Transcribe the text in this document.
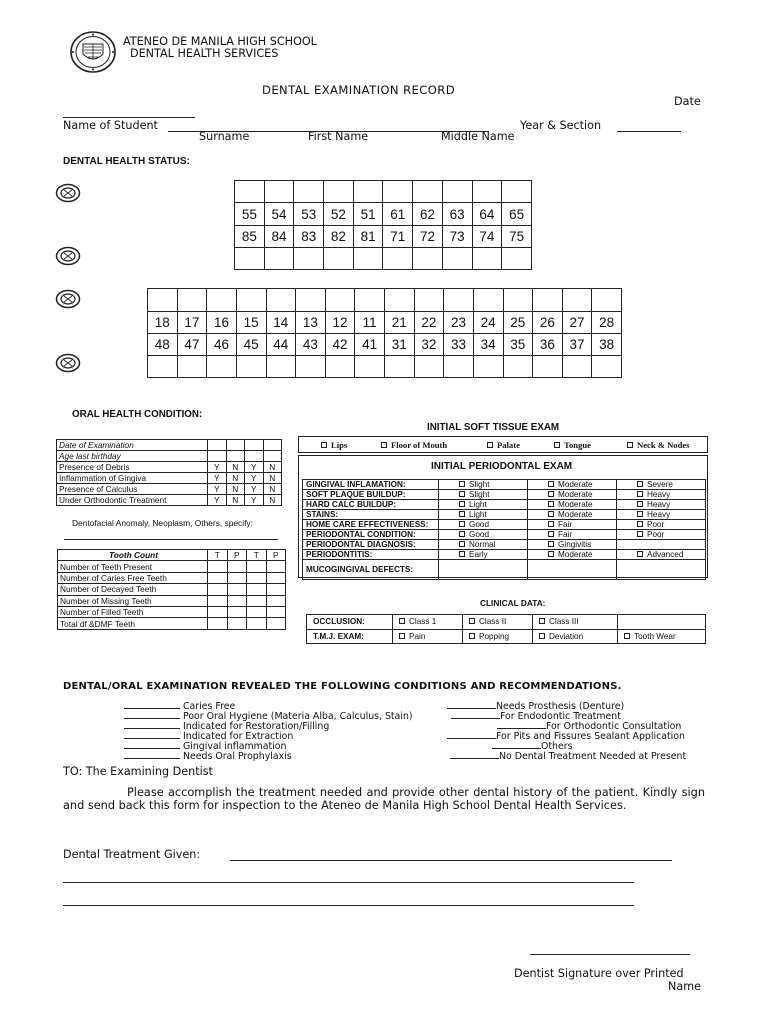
ATENEO DE MANILA HIGH SCHOOL
DENTAL HEALTH SERVICES
DENTAL EXAMINATION RECORD
Date
Name of Student	Year & Section
Surname	First Name	Middle Name
DENTAL HEALTH STATUS:

55	54	53	52	51	61	62	63	64	65
85	84	83	82	81	71	72	73	74	75

18	17	16	15	14	13	12	11	21	22	23	24	25	26	27	28
48	47	46	45	44	43	42	41	31	32	33	34	35	36	37	38

ORAL HEALTH CONDITION:
Date of Examination				
Age last birthday				
Presence of Debris	Y	N	Y	N
Inflammation of Gingiva	Y	N	Y	N
Presence of Calculus	Y	N	Y	N
Under Orthodontic Treatment	Y	N	Y	N
Dentofacial Anomaly, Neoplasm, Others, specify:
Tooth Count	T	P	T	P
Number of Teeth Present				
Number of Caries Free Teeth				
Number of Decayed Teeth				
Number of Missing Teeth				
Number of Filled Teeth				
Total df &DMF Teeth				
INITIAL SOFT TISSUE EXAM
Lips	Floor of Mouth	Palate	Tongue	Neck & Nodes
INITIAL PERIODONTAL EXAM
GINGIVAL INFLAMATION:	Slight	Moderate	Severe
SOFT PLAQUE BUILDUP:	Slight	Moderate	Heavy
HARD CALC BUILDUP:	Light	Moderate	Heavy
STAINS:	Light	Moderate	Heavy
HOME CARE EFFECTIVENESS:	Good	Fair	Poor
PERIODONTAL CONDITION:	Good	Fair	Poor
PERIODONTAL DIAGNOSIS:	Normal	Gingivitis	
PERIODONTITIS:	Early	Moderate	Advanced
MUCOGINGIVAL DEFECTS:			
CLINICAL DATA:
OCCLUSION:	Class 1	Class II	Class III	
T.M.J. EXAM:	Pain	Popping	Deviation	Tooth Wear
DENTAL/ORAL EXAMINATION REVEALED THE FOLLOWING CONDITIONS AND RECOMMENDATIONS.
Caries Free
Poor Oral Hygiene (Materia Alba, Calculus, Stain)
Indicated for Restoration/Filling
Indicated for Extraction
Gingival inflammation
Needs Oral Prophylaxis
Needs Prosthesis (Denture)
For Endodontic Treatment
For Orthodontic Consultation
For Pits and Fissures Sealant Application
Others
No Dental Treatment Needed at Present
TO: The Examining Dentist
Please accomplish the treatment needed and provide other dental history of the patient. Kindly sign and send back this form for inspection to the Ateneo de Manila High School Dental Health Services.
Dental Treatment Given:
Dentist Signature over Printed
Name
